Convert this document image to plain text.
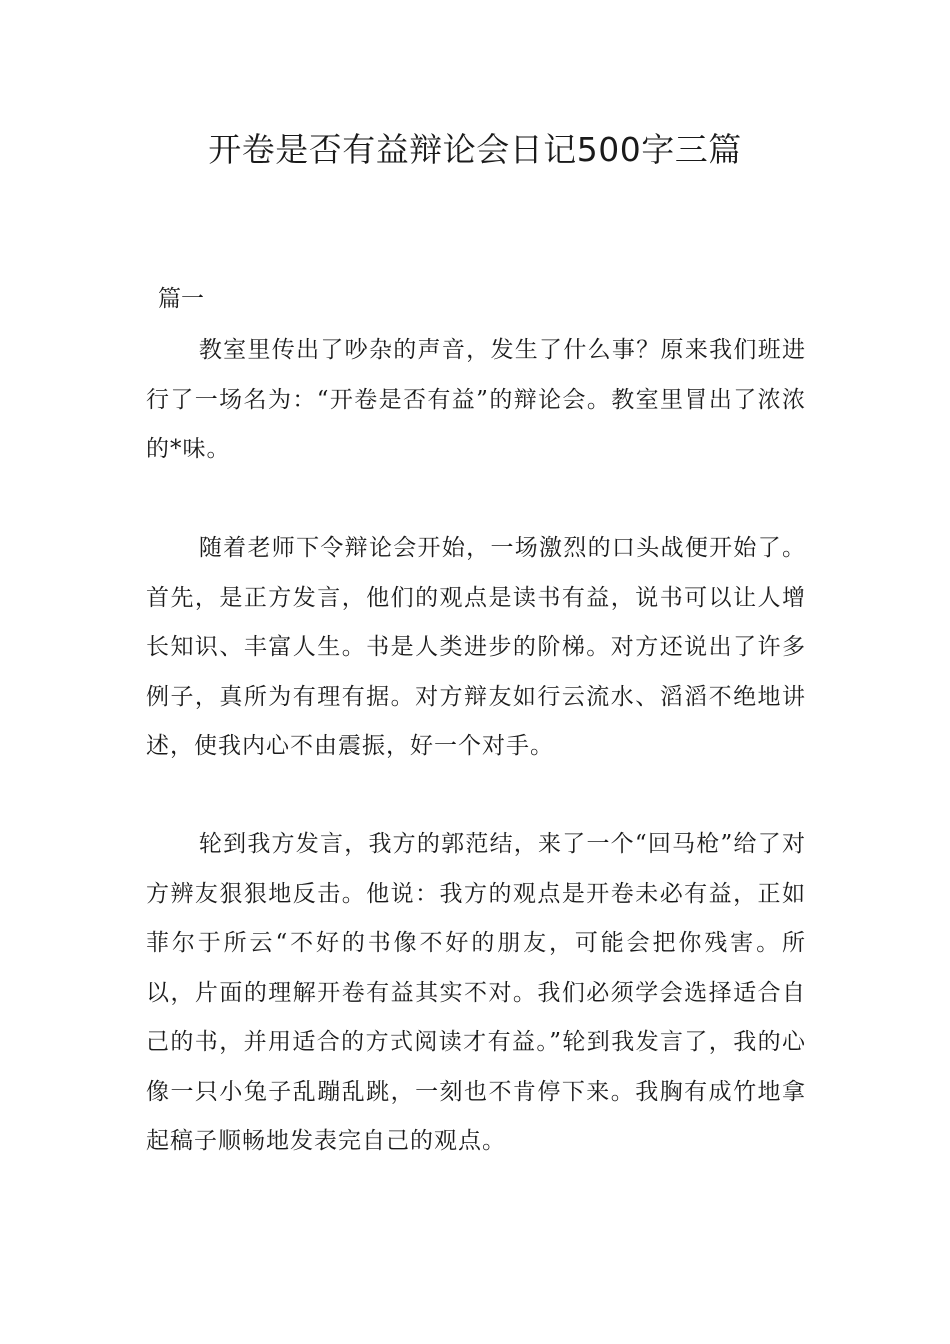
开卷是否有益辩论会日记500字三篇

篇一

教室里传出了吵杂的声音，发生了什么事？原来我们班进行了一场名为：“开卷是否有益”的辩论会。教室里冒出了浓浓的*味。

随着老师下令辩论会开始，一场激烈的口头战便开始了。首先，是正方发言，他们的观点是读书有益，说书可以让人增长知识、丰富人生。书是人类进步的阶梯。对方还说出了许多例子，真所为有理有据。对方辩友如行云流水、滔滔不绝地讲述，使我内心不由震振，好一个对手。

轮到我方发言，我方的郭范结，来了一个“回马枪”给了对方辨友狠狠地反击。他说：我方的观点是开卷未必有益，正如菲尔于所云“不好的书像不好的朋友，可能会把你残害。所以，片面的理解开卷有益其实不对。我们必须学会选择适合自己的书，并用适合的方式阅读才有益。”轮到我发言了，我的心像一只小兔子乱蹦乱跳，一刻也不肯停下来。我胸有成竹地拿起稿子顺畅地发表完自己的观点。
